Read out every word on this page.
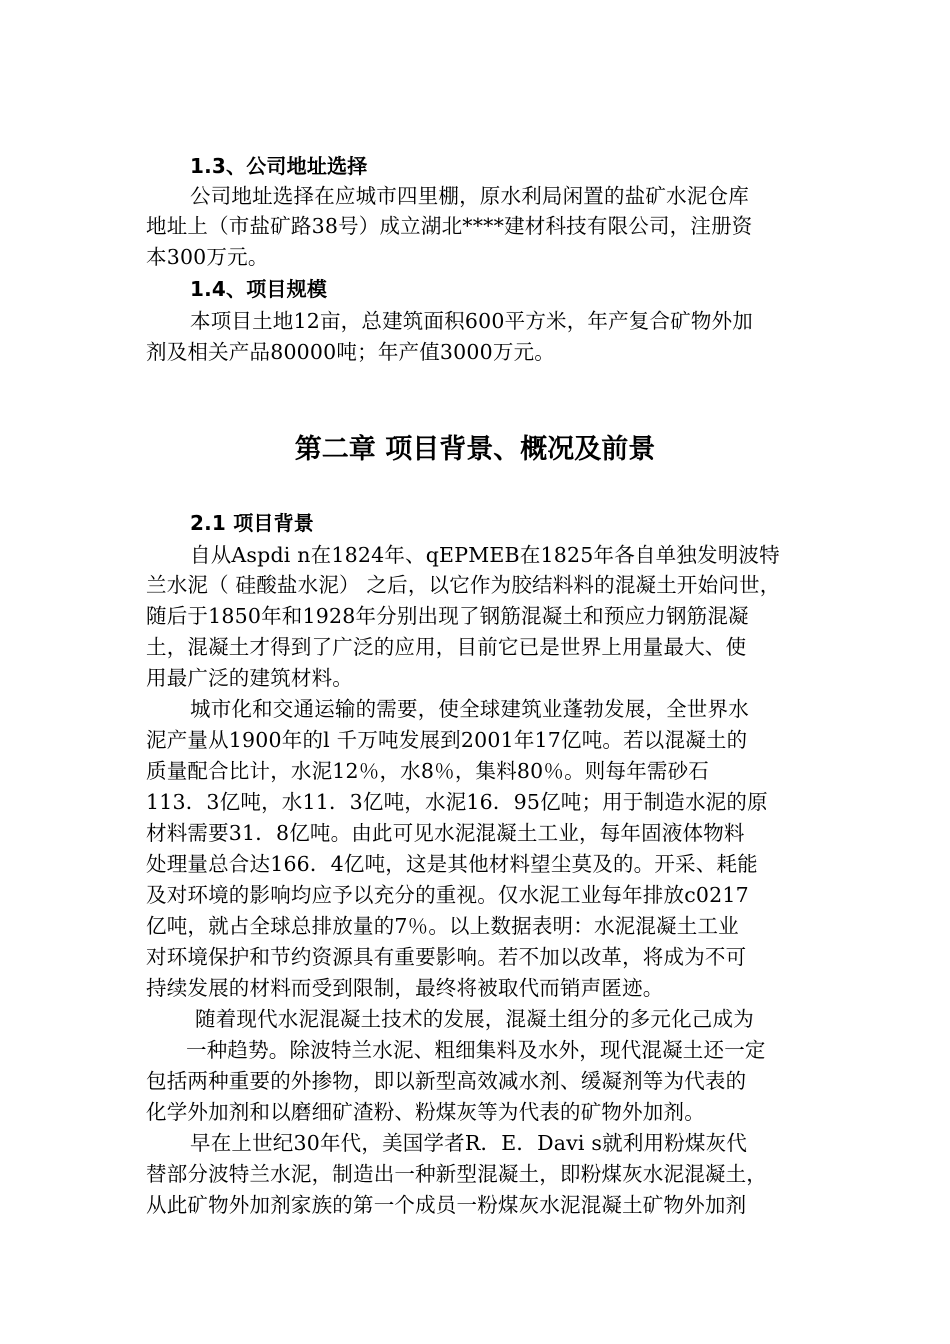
1.3、公司地址选择
公司地址选择在应城市四里棚，原水利局闲置的盐矿水泥仓库
地址上（市盐矿路38号）成立湖北****建材科技有限公司，注册资
本300万元。
1.4、项目规模
本项目土地12亩，总建筑面积600平方米，年产复合矿物外加
剂及相关产品80000吨；年产值3000万元。
第二章 项目背景、概况及前景
2.1 项目背景
自从Aspdi n在1824年、qEPMEB在1825年各自单独发明波特
兰水泥（ 硅酸盐水泥） 之后，以它作为胶结料料的混凝土开始问世，
随后于1850年和1928年分别出现了钢筋混凝土和预应力钢筋混凝
土，混凝土才得到了广泛的应用，目前它已是世界上用量最大、使
用最广泛的建筑材料。
城市化和交通运输的需要，使全球建筑业蓬勃发展，全世界水
泥产量从1900年的l 千万吨发展到2001年17亿吨。若以混凝土的
质量配合比计，水泥12％，水8％，集料80％。则每年需砂石
113．3亿吨，水11．3亿吨，水泥16．95亿吨；用于制造水泥的原
材料需要31．8亿吨。由此可见水泥混凝土工业，每年固液体物料
处理量总合达166．4亿吨，这是其他材料望尘莫及的。开采、耗能
及对环境的影响均应予以充分的重视。仅水泥工业每年排放c0217
亿吨，就占全球总排放量的7％。以上数据表明：水泥混凝土工业
对环境保护和节约资源具有重要影响。若不加以改革，将成为不可
持续发展的材料而受到限制，最终将被取代而销声匿迹。
随着现代水泥混凝土技术的发展，混凝土组分的多元化己成为
一种趋势。除波特兰水泥、粗细集料及水外，现代混凝土还一定
包括两种重要的外掺物，即以新型高效减水剂、缓凝剂等为代表的
化学外加剂和以磨细矿渣粉、粉煤灰等为代表的矿物外加剂。
早在上世纪30年代，美国学者R．E．Davi s就利用粉煤灰代
替部分波特兰水泥，制造出一种新型混凝土，即粉煤灰水泥混凝土，
从此矿物外加剂家族的第一个成员一粉煤灰水泥混凝土矿物外加剂
